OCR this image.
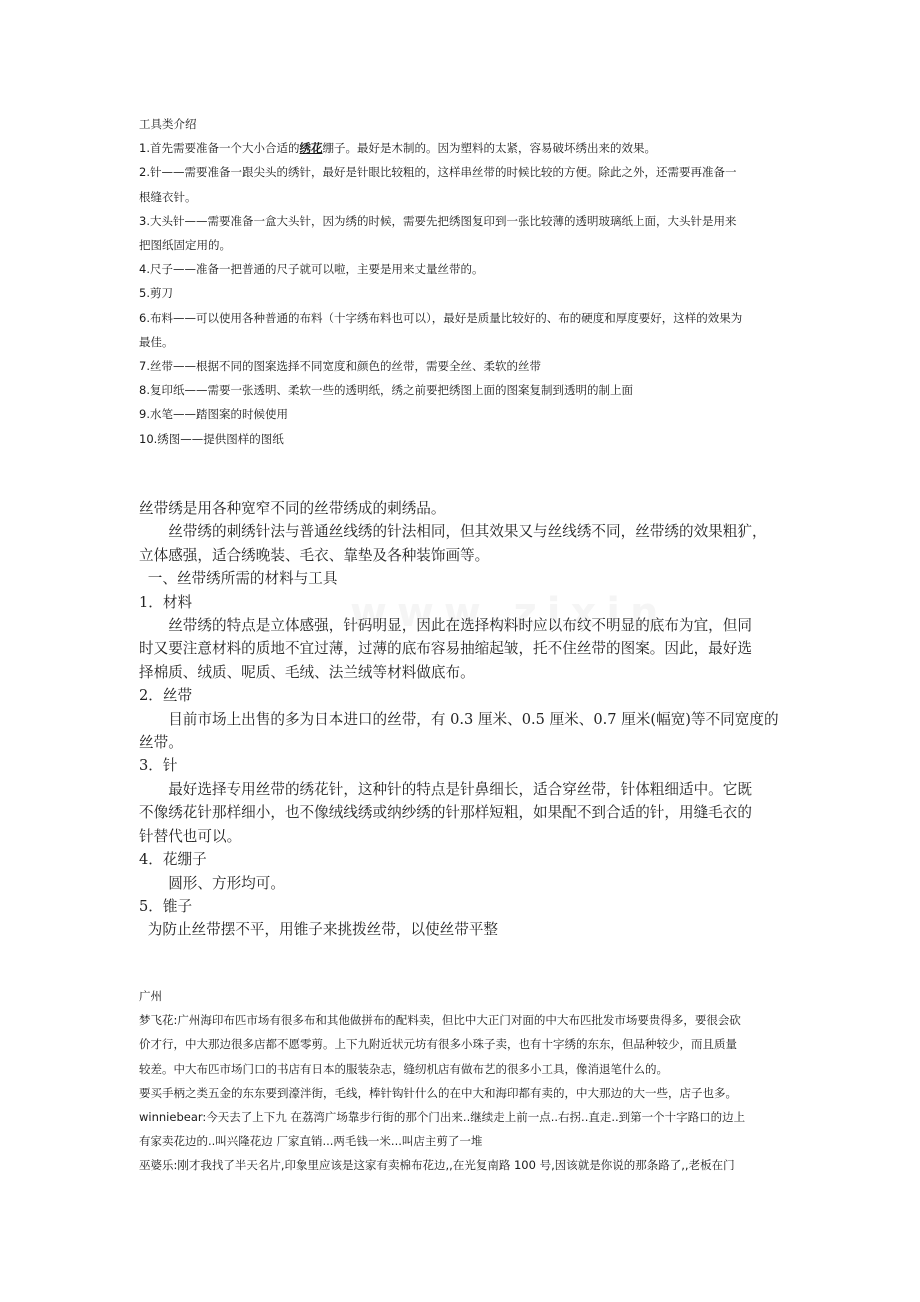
工具类介绍

1.首先需要准备一个大小合适的绣花绷子。最好是木制的。因为塑料的太紧，容易破坏绣出来的效果。

2.针——需要准备一跟尖头的绣针，最好是针眼比较粗的，这样串丝带的时候比较的方便。除此之外，还需要再准备一

根缝衣针。

3.大头针——需要准备一盒大头针，因为绣的时候，需要先把绣图复印到一张比较薄的透明玻璃纸上面，大头针是用来

把图纸固定用的。

4.尺子——准备一把普通的尺子就可以啦，主要是用来丈量丝带的。

5.剪刀

6.布料——可以使用各种普通的布料（十字绣布料也可以），最好是质量比较好的、布的硬度和厚度要好，这样的效果为

最佳。

7.丝带——根据不同的图案选择不同宽度和颜色的丝带，需要全丝、柔软的丝带

8.复印纸——需要一张透明、柔软一些的透明纸，绣之前要把绣图上面的图案复制到透明的制上面

9.水笔——踏图案的时候使用

10.绣图——提供图样的图纸

丝带绣是用各种宽窄不同的丝带绣成的刺绣品。

丝带绣的刺绣针法与普通丝线绣的针法相同，但其效果又与丝线绣不同，丝带绣的效果粗犷，

立体感强，适合绣晚装、毛衣、靠垫及各种装饰画等。

一、丝带绣所需的材料与工具

1．材料

丝带绣的特点是立体感强，针码明显，因此在选择构料时应以布纹不明显的底布为宜，但同

时又要注意材料的质地不宜过薄，过薄的底布容易抽缩起皱，托不住丝带的图案。因此，最好选

择棉质、绒质、呢质、毛绒、法兰绒等材料做底布。

2．丝带

目前市场上出售的多为日本进口的丝带，有 0.3 厘米、0.5 厘米、0.7 厘米(幅宽)等不同宽度的

丝带。

3．针

最好选择专用丝带的绣花针，这种针的特点是针鼻细长，适合穿丝带，针体粗细适中。它既

不像绣花针那样细小，也不像绒线绣或纳纱绣的针那样短粗，如果配不到合适的针，用缝毛衣的

针替代也可以。

4．花绷子

圆形、方形均可。

5．锥子

为防止丝带摆不平，用锥子来挑拨丝带，以使丝带平整

广州

梦飞花:广州海印布匹市场有很多布和其他做拼布的配料卖，但比中大正门对面的中大布匹批发市场要贵得多，要很会砍

价才行，中大那边很多店都不愿零剪。上下九附近状元坊有很多小珠子卖，也有十字绣的东东，但品种较少，而且质量

较差。中大布匹市场门口的书店有日本的服装杂志，缝纫机店有做布艺的很多小工具，像消退笔什么的。

要买手柄之类五金的东东要到濠泮街，毛线，棒针钩针什么的在中大和海印都有卖的，中大那边的大一些，店子也多。

winniebear:今天去了上下九 在荔湾广场靠步行街的那个门出来..继续走上前一点..右拐..直走..到第一个十字路口的边上

有家卖花边的..叫兴隆花边 厂家直销...两毛钱一米...叫店主剪了一堆

巫婆乐:刚才我找了半天名片,印象里应该是这家有卖棉布花边,,在光复南路 100 号,因该就是你说的那条路了,,老板在门
